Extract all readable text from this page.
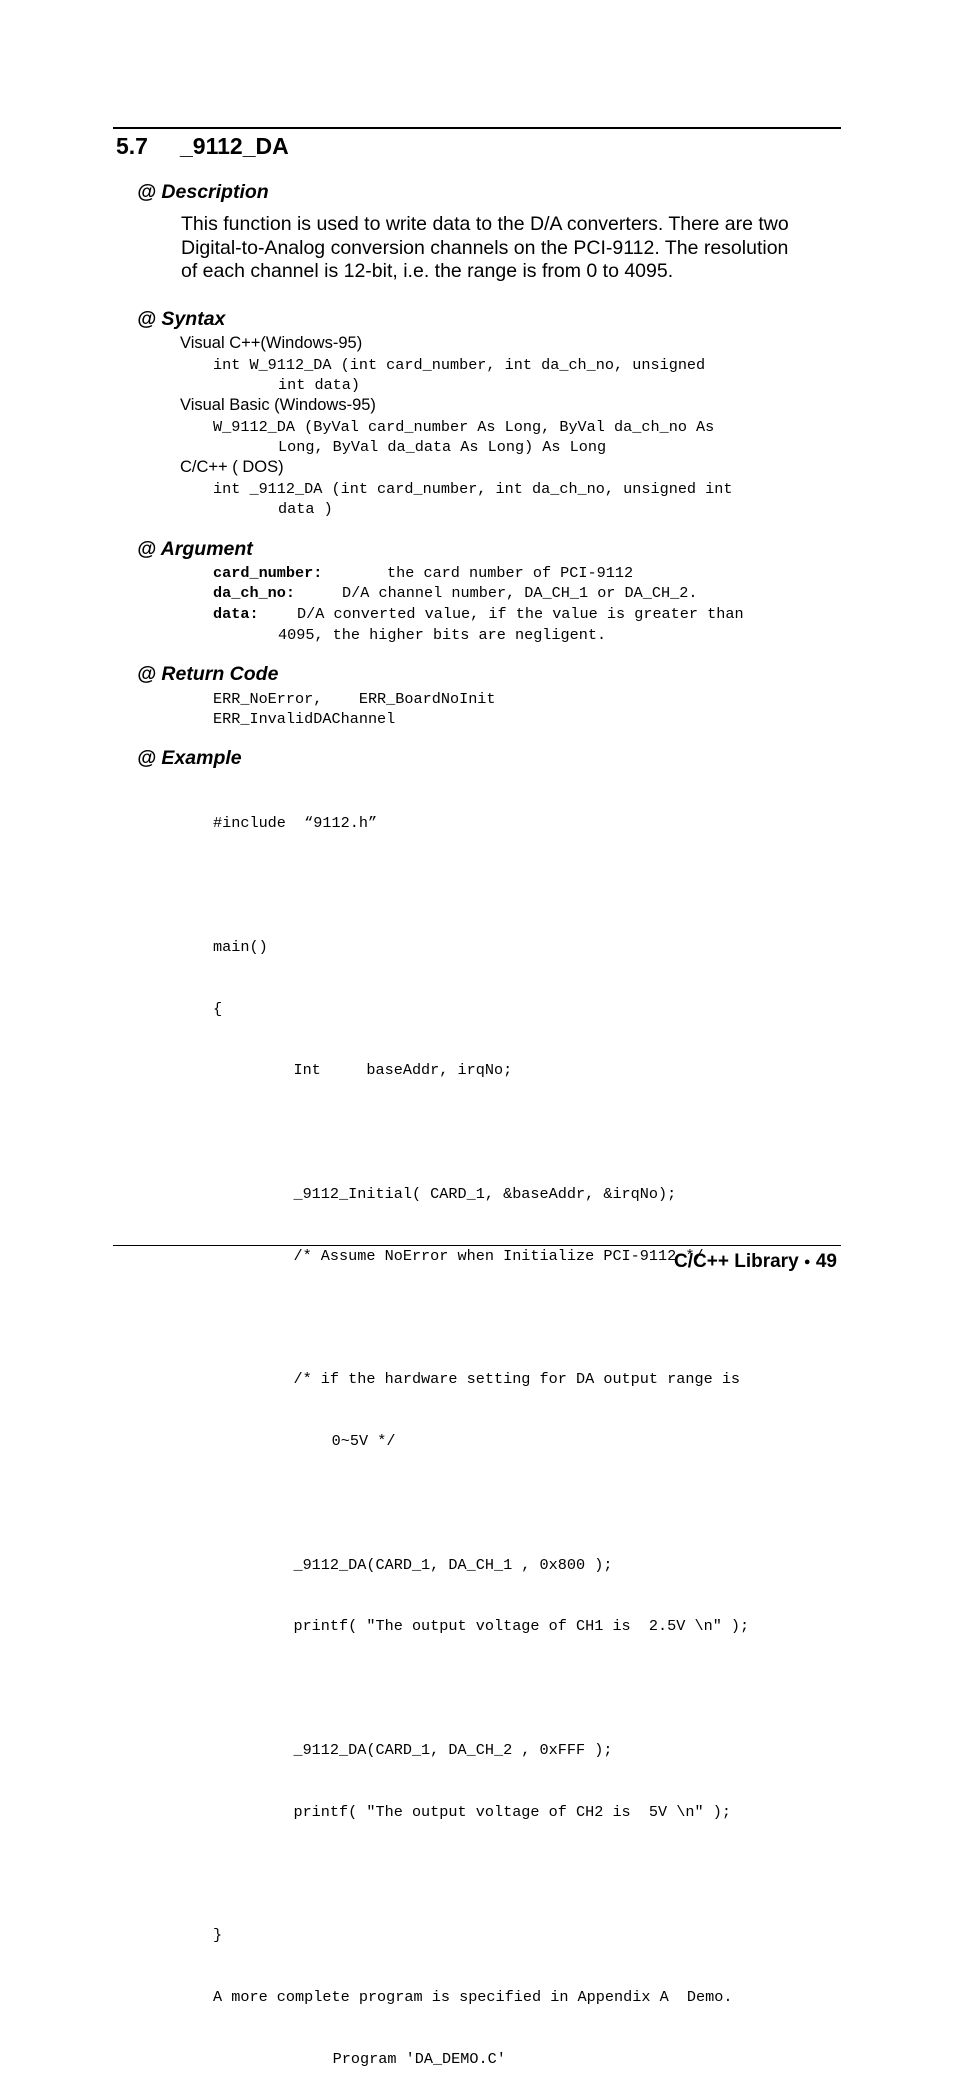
5.7 _9112_DA
@ Description
This function is used to write data to the D/A converters. There are two
Digital-to-Analog conversion channels on the PCI-9112. The resolution
of each channel is 12-bit, i.e. the range is from 0 to 4095.
@ Syntax
Visual C++(Windows-95)
int W_9112_DA (int card_number, int da_ch_no, unsigned
int data)
Visual Basic (Windows-95)
W_9112_DA (ByVal card_number As Long, ByVal da_ch_no As
Long, ByVal da_data As Long) As Long
C/C++ ( DOS)
int _9112_DA (int card_number, int da_ch_no, unsigned int
data )
@ Argument
card_number:	the card number of PCI-9112
da_ch_no:	D/A channel number, DA_CH_1 or DA_CH_2.
data:	D/A converted value, if the value is greater than
4095, the higher bits are negligent.
@ Return Code
ERR_NoError,    ERR_BoardNoInit
ERR_InvalidDAChannel
@ Example

#include  “9112.h”

main()

{

Int     baseAddr, irqNo;

_9112_Initial( CARD_1, &baseAddr, &irqNo);

/* Assume NoError when Initialize PCI-9112 */

/* if the hardware setting for DA output range is

0~5V */

_9112_DA(CARD_1, DA_CH_1 , 0x800 );

printf( "The output voltage of CH1 is  2.5V \n" );

_9112_DA(CARD_1, DA_CH_2 , 0xFFF );

printf( "The output voltage of CH2 is  5V \n" );

}

A more complete program is specified in Appendix A  Demo.

Program 'DA_DEMO.C'

C/C++ Library ● 49
